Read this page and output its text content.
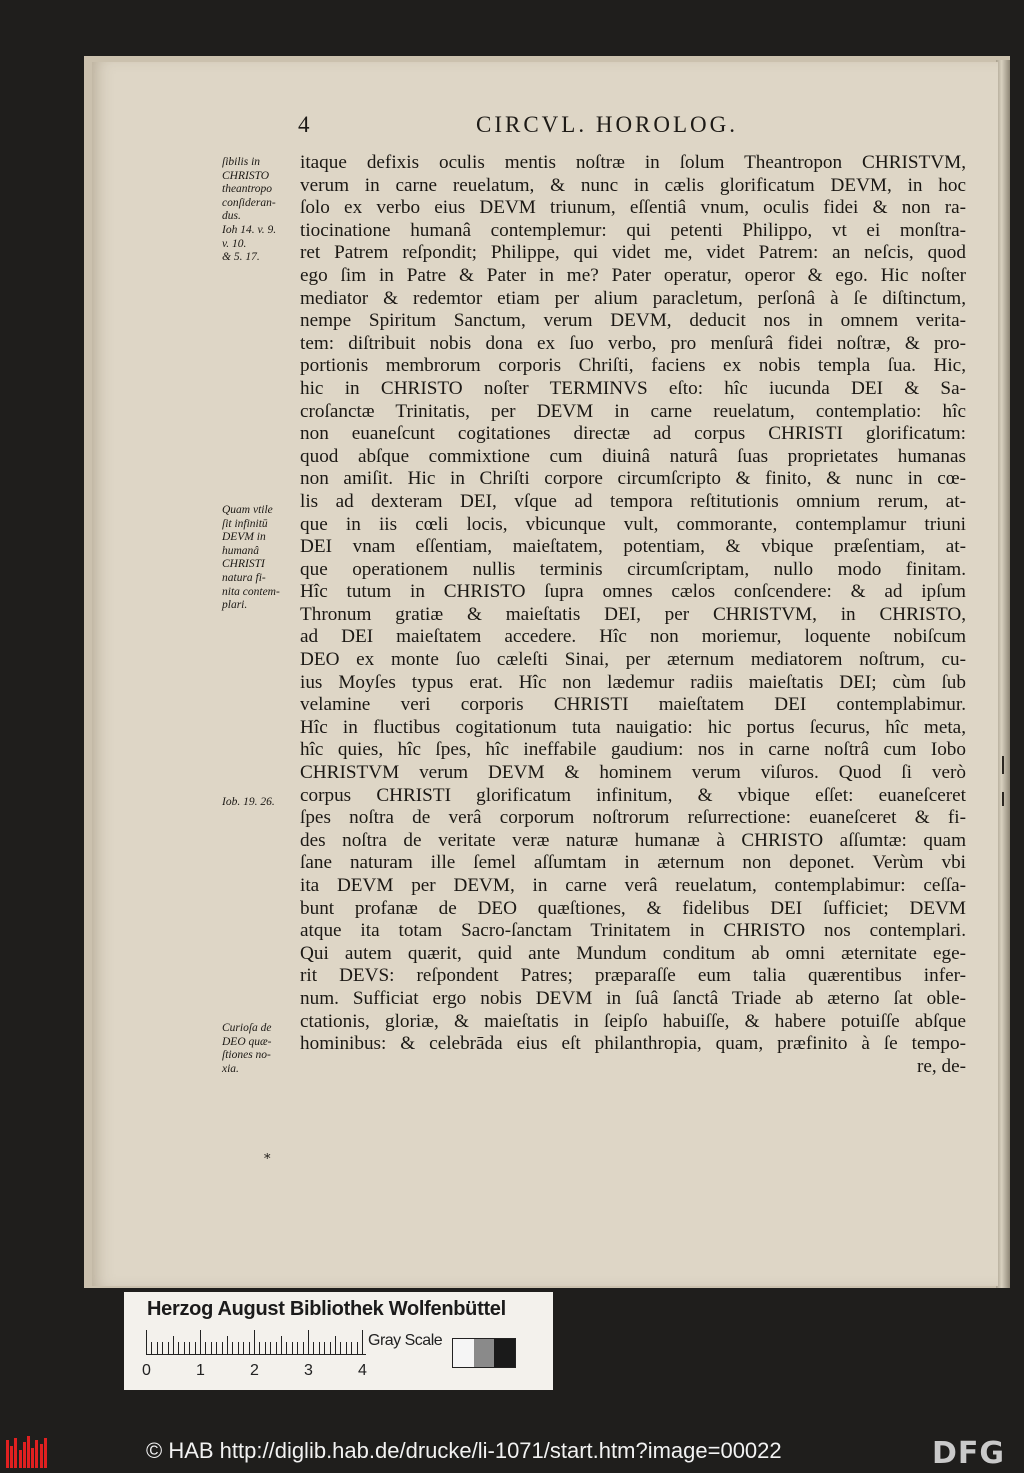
4	CIRCVL. HOROLOG.
itaque defixis oculis mentis noſtræ in ſolum Theantropon CHRISTVM,
verum in carne reuelatum, & nunc in cælis glorificatum DEVM, in hoc
ſolo ex verbo eius DEVM triunum, eſſentiâ vnum, oculis fidei & non ra-
tiocinatione humanâ contemplemur: qui petenti Philippo, vt ei monſtra-
ret Patrem reſpondit; Philippe, qui videt me, videt Patrem: an neſcis, quod
ego ſim in Patre & Pater in me? Pater operatur, operor & ego. Hic noſter
mediator & redemtor etiam per alium paracletum, perſonâ à ſe diſtinctum,
nempe Spiritum Sanctum, verum DEVM, deducit nos in omnem verita-
tem: diſtribuit nobis dona ex ſuo verbo, pro menſurâ fidei noſtræ, & pro-
portionis membrorum corporis Chriſti, faciens ex nobis templa ſua. Hic,
hic in CHRISTO noſter TERMINVS eſto: hîc iucunda DEI & Sa-
croſanctæ Trinitatis, per DEVM in carne reuelatum, contemplatio: hîc
non euaneſcunt cogitationes directæ ad corpus CHRISTI glorificatum:
quod abſque commixtione cum diuinâ naturâ ſuas proprietates humanas
non amiſit. Hic in Chriſti corpore circumſcripto & finito, & nunc in cœ-
lis ad dexteram DEI, vſque ad tempora reſtitutionis omnium rerum, at-
que in iis cœli locis, vbicunque vult, commorante, contemplamur triuni
DEI vnam eſſentiam, maieſtatem, potentiam, & vbique præſentiam, at-
que operationem nullis terminis circumſcriptam, nullo modo finitam.
Hîc tutum in CHRISTO ſupra omnes cælos conſcendere: & ad ipſum
Thronum gratiæ & maieſtatis DEI, per CHRISTVM, in CHRISTO,
ad DEI maieſtatem accedere. Hîc non moriemur, loquente nobiſcum
DEO ex monte ſuo cæleſti Sinai, per æternum mediatorem noſtrum, cu-
ius Moyſes typus erat. Hîc non lædemur radiis maieſtatis DEI; cùm ſub
velamine veri corporis CHRISTI maieſtatem DEI contemplabimur.
Hîc in fluctibus cogitationum tuta nauigatio: hic portus ſecurus, hîc meta,
hîc quies, hîc ſpes, hîc ineffabile gaudium: nos in carne noſtrâ cum Iobo
CHRISTVM verum DEVM & hominem verum viſuros. Quod ſi verò
corpus CHRISTI glorificatum infinitum, & vbique eſſet: euaneſceret
ſpes noſtra de verâ corporum noſtrorum reſurrectione: euaneſceret & fi-
des noſtra de veritate veræ naturæ humanæ à CHRISTO aſſumtæ: quam
ſane naturam ille ſemel aſſumtam in æternum non deponet. Verùm vbi
ita DEVM per DEVM, in carne verâ reuelatum, contemplabimur: ceſſa-
bunt profanæ de DEO quæſtiones, & fidelibus DEI ſufficiet; DEVM
atque ita totam Sacro-ſanctam Trinitatem in CHRISTO nos contemplari.
Qui autem quærit, quid ante Mundum conditum ab omni æternitate ege-
rit DEVS: reſpondent Patres; præparaſſe eum talia quærentibus infer-
num. Sufficiat ergo nobis DEVM in ſuâ ſanctâ Triade ab æterno ſat oble-
ctationis, gloriæ, & maieſtatis in ſeipſo habuiſſe, & habere potuiſſe abſque
hominibus: & celebrāda eius eſt philanthropia, quam, præfinito à ſe tempo-
re, de-
ſibilis in
CHRISTO
theantropo
conſideran-
dus.
Ioh 14. v. 9.
v. 10.
& 5. 17.
Quam vtile
ſit infinitū
DEVM in
humanâ
CHRISTI
natura fi-
nita contem-
plari.
Iob. 19. 26.
Curioſa de
DEO quæ-
ſtiones no-
xia.
*
Herzog August Bibliothek Wolfenbüttel
0	1	2	3	4
Gray Scale
© HAB http://diglib.hab.de/drucke/li-1071/start.htm?image=00022	DFG
